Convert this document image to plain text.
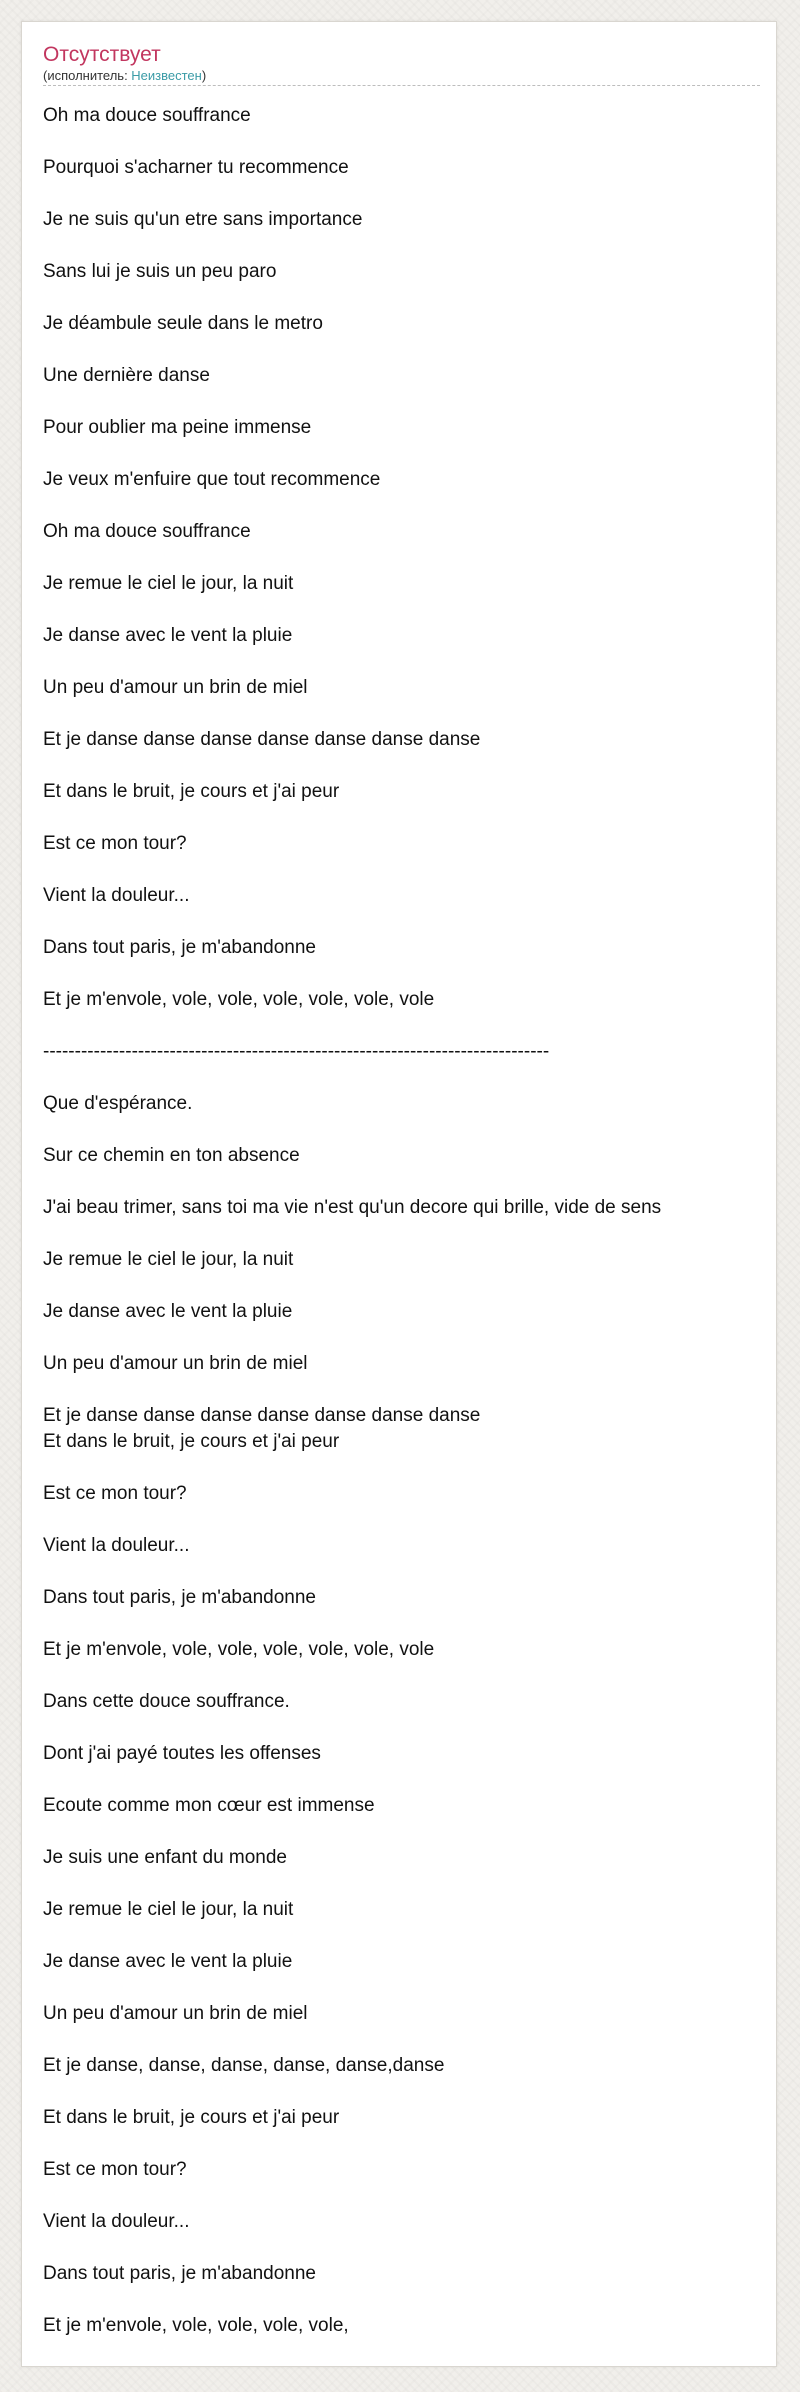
Отсутствует

(исполнитель: Неизвестен)

Oh ma douce souffrance
Pourquoi s'acharner tu recommence
Je ne suis qu'un etre sans importance
Sans lui je suis un peu paro
Je déambule seule dans le metro
Une dernière danse
Pour oublier ma peine immense
Je veux m'enfuire que tout recommence
Oh ma douce souffrance
Je remue le ciel le jour, la nuit
Je danse avec le vent la pluie
Un peu d'amour un brin de miel
Et je danse danse danse danse danse danse danse
Et dans le bruit, je cours et j'ai peur
Est ce mon tour?
Vient la douleur...
Dans tout paris, je m'abandonne
Et je m'envole, vole, vole, vole, vole, vole, vole
--------------------------------------------------------------------------------
Que d'espérance.
Sur ce chemin en ton absence
J'ai beau trimer, sans toi ma vie n'est qu'un decore qui brille, vide de sens
Je remue le ciel le jour, la nuit
Je danse avec le vent la pluie
Un peu d'amour un brin de miel
Et je danse danse danse danse danse danse danse
Et dans le bruit, je cours et j'ai peur
Est ce mon tour?
Vient la douleur...
Dans tout paris, je m'abandonne
Et je m'envole, vole, vole, vole, vole, vole, vole
Dans cette douce souffrance.
Dont j'ai payé toutes les offenses
Ecoute comme mon cœur est immense
Je suis une enfant du monde
Je remue le ciel le jour, la nuit
Je danse avec le vent la pluie
Un peu d'amour un brin de miel
Et je danse, danse, danse, danse, danse,danse
Et dans le bruit, je cours et j'ai peur
Est ce mon tour?
Vient la douleur...
Dans tout paris, je m'abandonne
Et je m'envole, vole, vole, vole, vole,
